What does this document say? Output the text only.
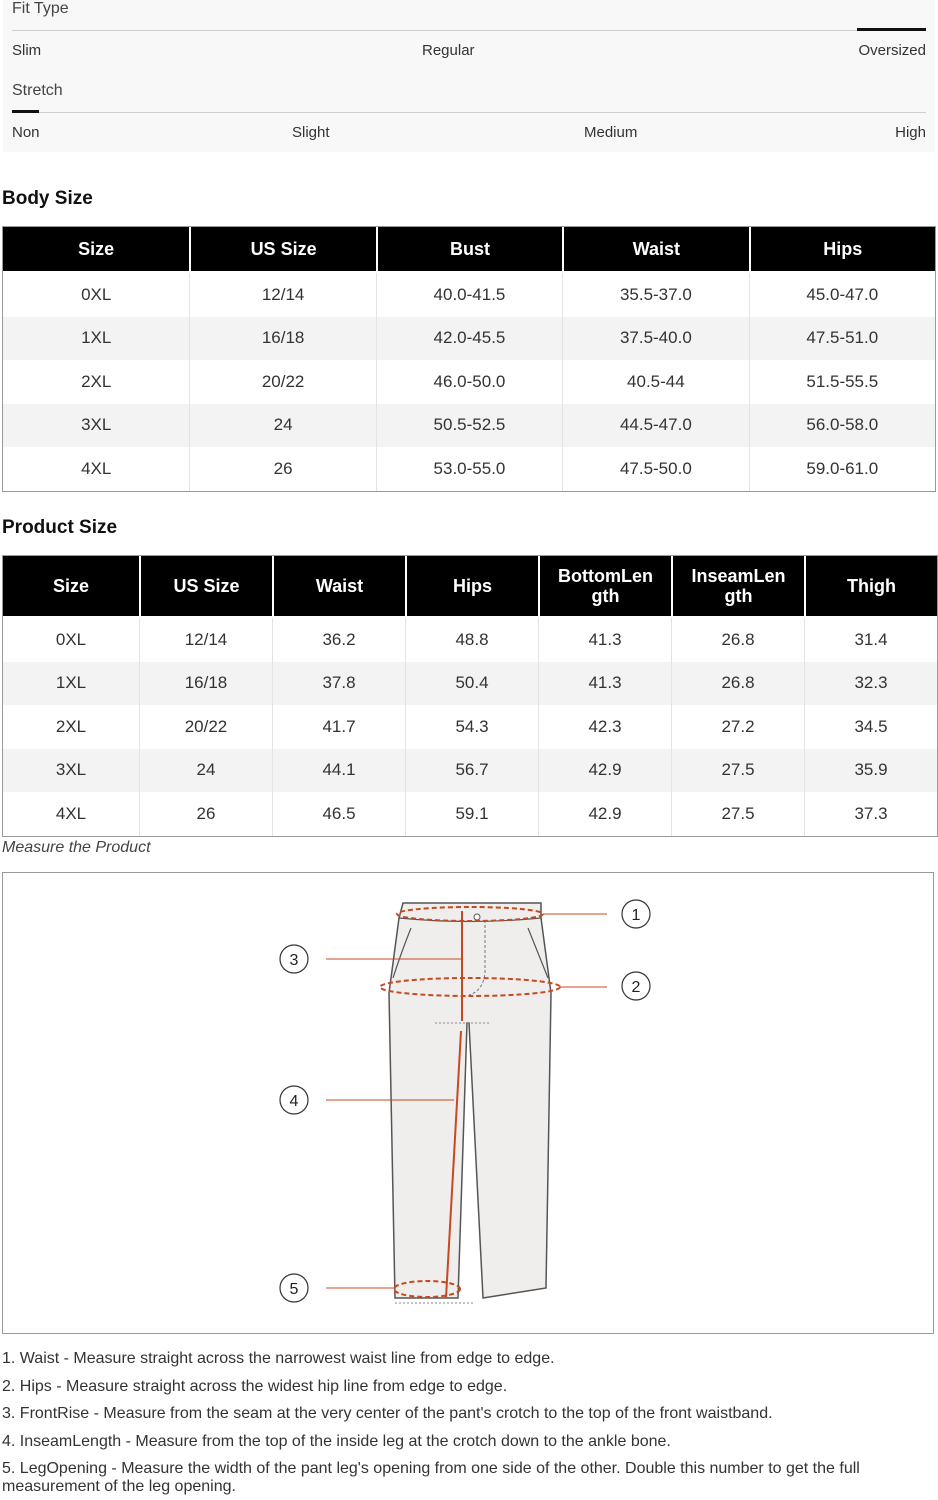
Fit Type
Slim	Regular	Oversized
Stretch
Non	Slight	Medium	High
Body Size
Size	US Size	Bust	Waist	Hips
0XL	12/14	40.0-41.5	35.5-37.0	45.0-47.0
1XL	16/18	42.0-45.5	37.5-40.0	47.5-51.0
2XL	20/22	46.0-50.0	40.5-44	51.5-55.5
3XL	24	50.5-52.5	44.5-47.0	56.0-58.0
4XL	26	53.0-55.0	47.5-50.0	59.0-61.0
Product Size
Size	US Size	Waist	Hips	BottomLen gth	InseamLen gth	Thigh
0XL	12/14	36.2	48.8	41.3	26.8	31.4
1XL	16/18	37.8	50.4	41.3	26.8	32.3
2XL	20/22	41.7	54.3	42.3	27.2	34.5
3XL	24	44.1	56.7	42.9	27.5	35.9
4XL	26	46.5	59.1	42.9	27.5	37.3
Measure the Product
1
2
3
4
5
1. Waist - Measure straight across the narrowest waist line from edge to edge.
2. Hips - Measure straight across the widest hip line from edge to edge.
3. FrontRise - Measure from the seam at the very center of the pant's crotch to the top of the front waistband.
4. InseamLength - Measure from the top of the inside leg at the crotch down to the ankle bone.
5. LegOpening - Measure the width of the pant leg's opening from one side of the other. Double this number to get the full measurement of the leg opening.
